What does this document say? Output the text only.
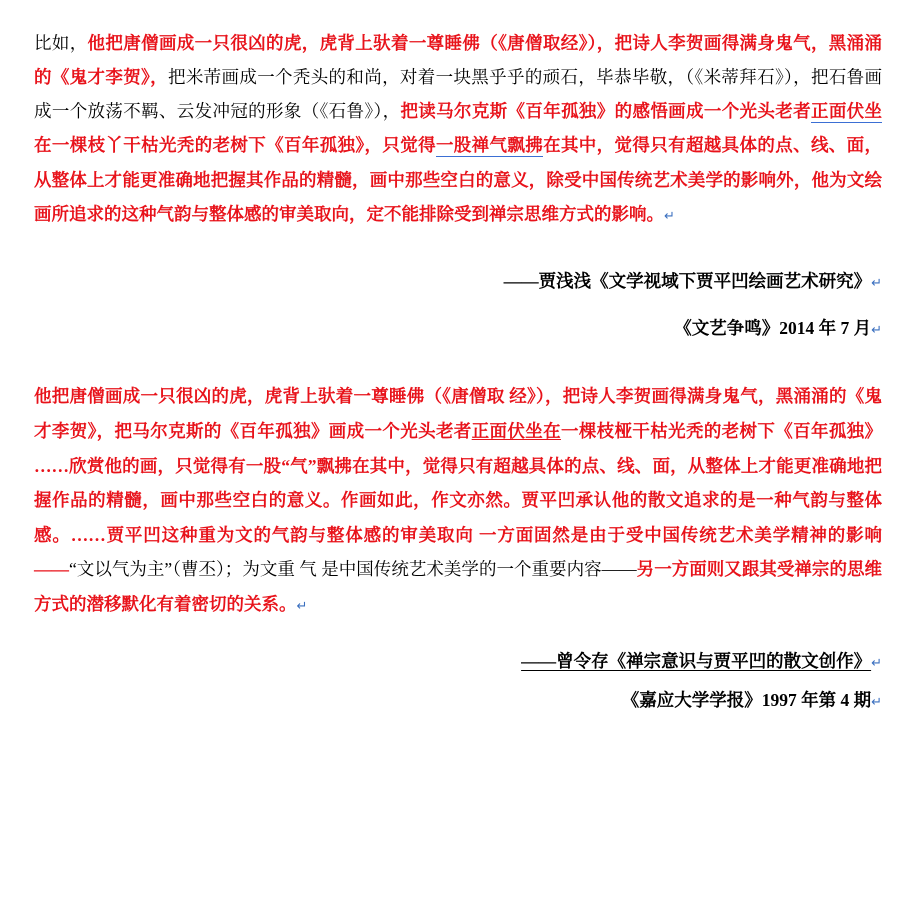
比如，他把唐僧画成一只很凶的虎，虎背上驮着一尊睡佛（《唐僧取经》），把诗人李贺画得满身鬼气，黑涌涌的《鬼才李贺》，把米芾画成一个秃头的和尚，对着一块黑乎乎的顽石，毕恭毕敬，（《米蒂拜石》），把石鲁画成一个放荡不羁、云发冲冠的形象（《石鲁》），把读马尔克斯《百年孤独》的感悟画成一个光头老者正面伏坐在一棵枝丫干枯光秃的老树下《百年孤独》，只觉得一股禅气飘拂在其中，觉得只有超越具体的点、线、面，从整体上才能更准确地把握其作品的精髓，画中那些空白的意义，除受中国传统艺术美学的影响外，他为文绘画所追求的这种气韵与整体感的审美取向，定不能排除受到禅宗思维方式的影响。↵

——贾浅浅《文学视域下贾平凹绘画艺术研究》↵

《文艺争鸣》2014 年 7 月↵

他把唐僧画成一只很凶的虎，虎背上驮着一尊睡佛（《唐僧取 经》），把诗人李贺画得满身鬼气，黑涌涌的《鬼才李贺》，把马尔克斯的《百年孤独》画成一个光头老者正面伏坐在一棵枝桠干枯光秃的老树下《百年孤独》 ……欣赏他的画，只觉得有一股“气”飘拂在其中，觉得只有超越具体的点、线、面，从整体上才能更准确地把握作品的精髓，画中那些空白的意义。作画如此，作文亦然。贾平凹承认他的散文追求的是一种气韵与整体感。……贾平凹这种重为文的气韵与整体感的审美取向 一方面固然是由于受中国传统艺术美学精神的影响——“文以气为主”（曹丕）；为文重 气 是中国传统艺术美学的一个重要内容——另一方面则又跟其受禅宗的思维方式的潜移默化有着密切的关系。↵

——曾令存《禅宗意识与贾平凹的散文创作》↵

《嘉应大学学报》1997 年第 4 期↵
